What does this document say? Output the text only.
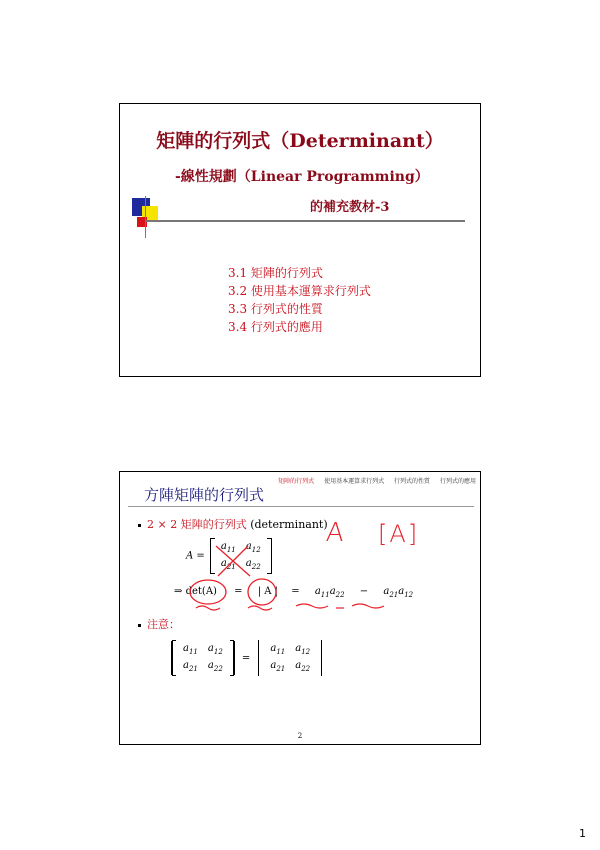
矩陣的行列式（Determinant）
-線性規劃（Linear Programming）
的補充教材-3
3.1 矩陣的行列式
3.2 使用基本運算求行列式
3.3 行列式的性質
3.4 行列式的應用
矩陣的行列式 使用基本運算求行列式 行列式的性質 行列式的應用
方陣矩陣的行列式
2 × 2 矩陣的行列式 (determinant)
A =
$a_{11}$	$a_{12}$
$a_{21}$	$a_{22}$
⇒ det(A) = | A | = $a_{11}a_{22} - a_{21}a_{12}$
注意：
$a_{11}$	$a_{12}$
$a_{21}$	$a_{22}$
=
$a_{11}$	$a_{12}$
$a_{21}$	$a_{22}$
A [A]
2
1
